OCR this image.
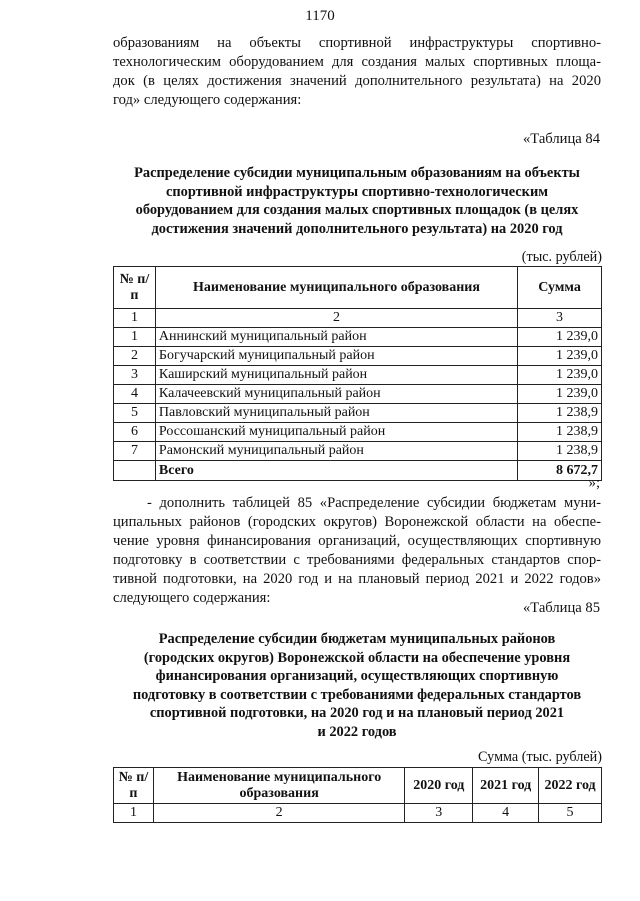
1170
образованиям на объекты спортивной инфраструктуры спортивно-
технологическим оборудованием для создания малых спортивных площа-
док (в целях достижения значений дополнительного результата) на 2020
год» следующего содержания:
«Таблица 84
Распределение субсидии муниципальным образованиям на объекты
спортивной инфраструктуры спортивно-технологическим
оборудованием для создания малых спортивных площадок (в целях
достижения значений дополнительного результата) на 2020 год
(тыс. рублей)
№ п/п	Наименование муниципального образования	Сумма
1	2	3
1	Аннинский муниципальный район	1 239,0
2	Богучарский муниципальный район	1 239,0
3	Каширский муниципальный район	1 239,0
4	Калачеевский муниципальный район	1 239,0
5	Павловский муниципальный район	1 238,9
6	Россошанский муниципальный район	1 238,9
7	Рамонский муниципальный район	1 238,9
	Всего	8 672,7
»;
- дополнить таблицей 85 «Распределение субсидии бюджетам муни-
ципальных районов (городских округов) Воронежской области на обеспе-
чение уровня финансирования организаций, осуществляющих спортивную
подготовку в соответствии с требованиями федеральных стандартов спор-
тивной подготовки, на 2020 год и на плановый период 2021 и 2022 годов»
следующего содержания:
«Таблица 85
Распределение субсидии бюджетам муниципальных районов
(городских округов) Воронежской области на обеспечение уровня
финансирования организаций, осуществляющих спортивную
подготовку в соответствии с требованиями федеральных стандартов
спортивной подготовки, на 2020 год и на плановый период 2021
и 2022 годов
Сумма (тыс. рублей)
№ п/п	Наименование муниципального образования	2020 год	2021 год	2022 год
1	2	3	4	5
